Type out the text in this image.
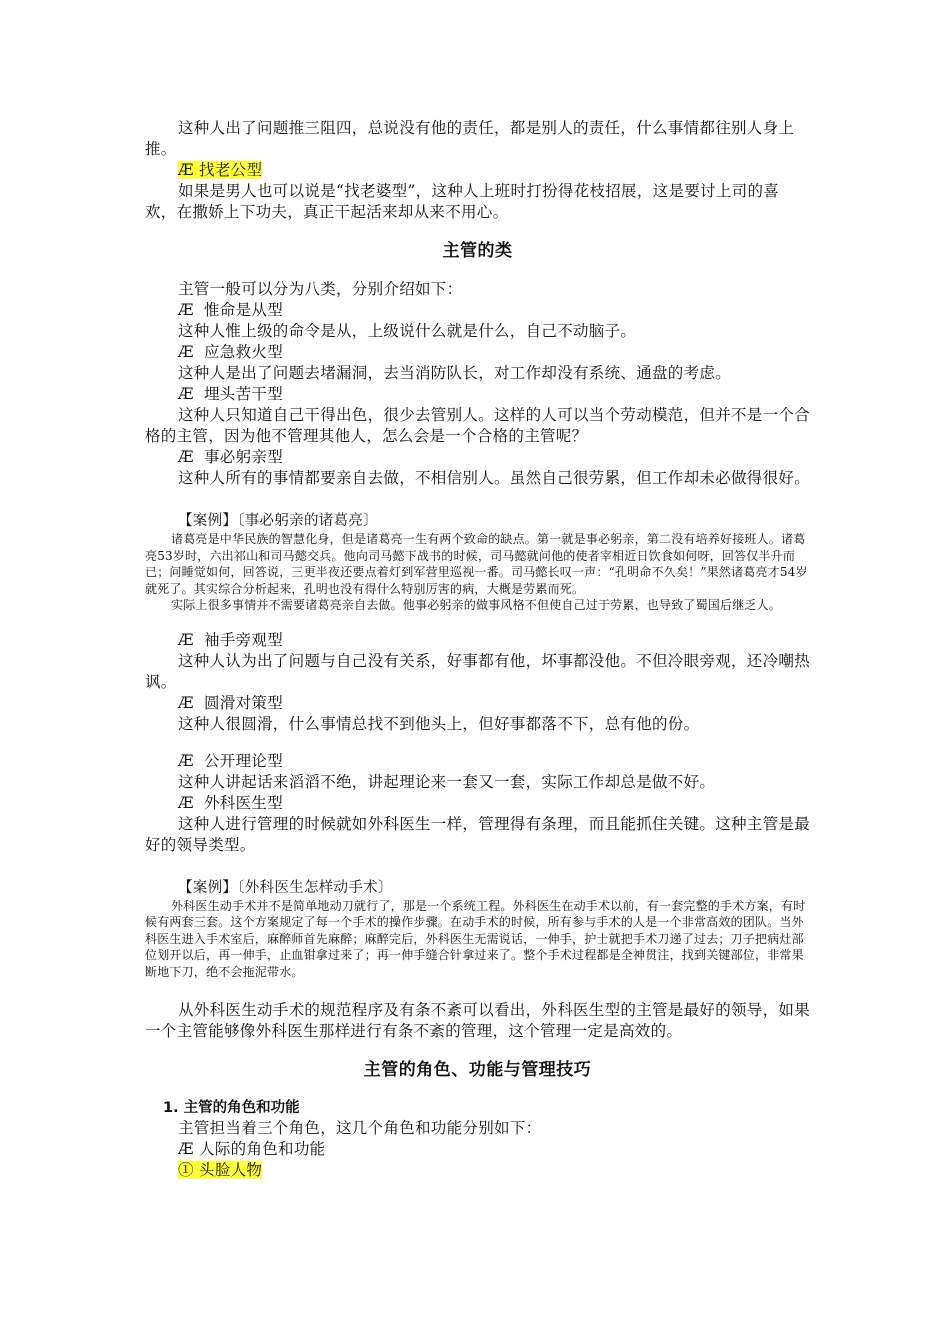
这种人出了问题推三阻四，总说没有他的责任，都是别人的责任，什么事情都往别人身上推。

Æ 找老公型

如果是男人也可以说是“找老婆型”，这种人上班时打扮得花枝招展，这是要讨上司的喜欢，在撒娇上下功夫，真正干起活来却从来不用心。

主管的类

主管一般可以分为八类，分别介绍如下：

Æ 惟命是从型

这种人惟上级的命令是从，上级说什么就是什么，自己不动脑子。

Æ 应急救火型

这种人是出了问题去堵漏洞，去当消防队长，对工作却没有系统、通盘的考虑。

Æ 埋头苦干型

这种人只知道自己干得出色，很少去管别人。这样的人可以当个劳动模范，但并不是一个合格的主管，因为他不管理其他人，怎么会是一个合格的主管呢？

Æ 事必躬亲型

这种人所有的事情都要亲自去做，不相信别人。虽然自己很劳累，但工作却未必做得很好。

【案例】〔事必躬亲的诸葛亮〕

诸葛亮是中华民族的智慧化身，但是诸葛亮一生有两个致命的缺点。第一就是事必躬亲，第二没有培养好接班人。诸葛亮53岁时，六出祁山和司马懿交兵。他向司马懿下战书的时候，司马懿就问他的使者宰相近日饮食如何呀，回答仅半升而已；问睡觉如何，回答说，三更半夜还要点着灯到军营里巡视一番。司马懿长叹一声：“孔明命不久矣！”果然诸葛亮才54岁就死了。其实综合分析起来，孔明也没有得什么特别厉害的病，大概是劳累而死。

实际上很多事情并不需要诸葛亮亲自去做。他事必躬亲的做事风格不但使自己过于劳累，也导致了蜀国后继乏人。

Æ 袖手旁观型

这种人认为出了问题与自己没有关系，好事都有他，坏事都没他。不但冷眼旁观，还冷嘲热讽。

Æ 圆滑对策型

这种人很圆滑，什么事情总找不到他头上，但好事都落不下，总有他的份。

Æ 公开理论型

这种人讲起话来滔滔不绝，讲起理论来一套又一套，实际工作却总是做不好。

Æ 外科医生型

这种人进行管理的时候就如外科医生一样，管理得有条理，而且能抓住关键。这种主管是最好的领导类型。

【案例】〔外科医生怎样动手术〕

外科医生动手术并不是简单地动刀就行了，那是一个系统工程。外科医生在动手术以前，有一套完整的手术方案，有时候有两套三套。这个方案规定了每一个手术的操作步骤。在动手术的时候，所有参与手术的人是一个非常高效的团队。当外科医生进入手术室后，麻醉师首先麻醉；麻醉完后，外科医生无需说话，一伸手，护士就把手术刀递了过去；刀子把病灶部位划开以后，再一伸手，止血钳拿过来了；再一伸手缝合针拿过来了。整个手术过程都是全神贯注，找到关键部位，非常果断地下刀，绝不会拖泥带水。

从外科医生动手术的规范程序及有条不紊可以看出，外科医生型的主管是最好的领导，如果一个主管能够像外科医生那样进行有条不紊的管理，这个管理一定是高效的。

主管的角色、功能与管理技巧
1. 主管的角色和功能

主管担当着三个角色，这几个角色和功能分别如下：

Æ 人际的角色和功能

① 头脸人物
